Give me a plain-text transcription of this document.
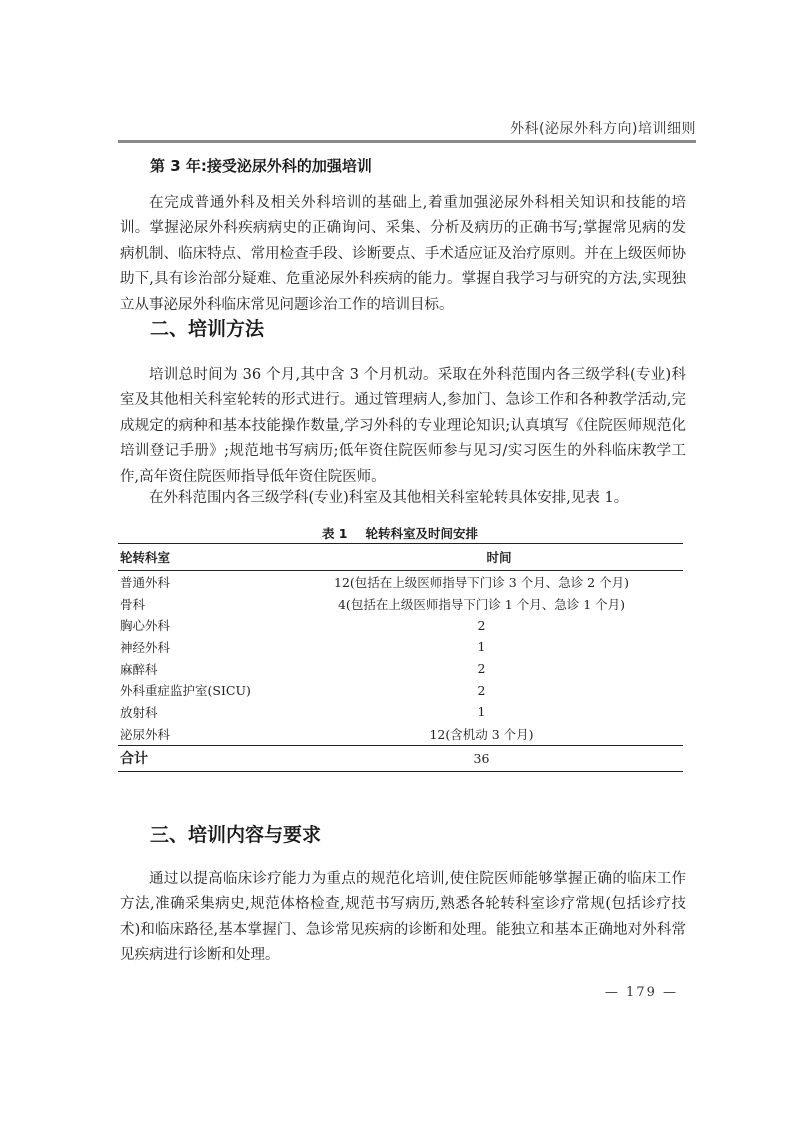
外科(泌尿外科方向)培训细则
第 3 年:接受泌尿外科的加强培训

在完成普通外科及相关外科培训的基础上,着重加强泌尿外科相关知识和技能的培训。掌握泌尿外科疾病病史的正确询问、采集、分析及病历的正确书写;掌握常见病的发病机制、临床特点、常用检查手段、诊断要点、手术适应证及治疗原则。并在上级医师协助下,具有诊治部分疑难、危重泌尿外科疾病的能力。掌握自我学习与研究的方法,实现独立从事泌尿外科临床常见问题诊治工作的培训目标。

二、培训方法

培训总时间为 36 个月,其中含 3 个月机动。采取在外科范围内各三级学科(专业)科室及其他相关科室轮转的形式进行。通过管理病人,参加门、急诊工作和各种教学活动,完成规定的病种和基本技能操作数量,学习外科的专业理论知识;认真填写《住院医师规范化培训登记手册》;规范地书写病历;低年资住院医师参与见习/实习医生的外科临床教学工作,高年资住院医师指导低年资住院医师。

在外科范围内各三级学科(专业)科室及其他相关科室轮转具体安排,见表 1。

表 1 轮转科室及时间安排
轮转科室	时间
普通外科	12(包括在上级医师指导下门诊 3 个月、急诊 2 个月)
骨科	4(包括在上级医师指导下门诊 1 个月、急诊 1 个月)
胸心外科	2
神经外科	1
麻醉科	2
外科重症监护室(SICU)	2
放射科	1
泌尿外科	12(含机动 3 个月)
合计	36
三、培训内容与要求

通过以提高临床诊疗能力为重点的规范化培训,使住院医师能够掌握正确的临床工作方法,准确采集病史,规范体格检查,规范书写病历,熟悉各轮转科室诊疗常规(包括诊疗技术)和临床路径,基本掌握门、急诊常见疾病的诊断和处理。能独立和基本正确地对外科常见疾病进行诊断和处理。

— 179 —
